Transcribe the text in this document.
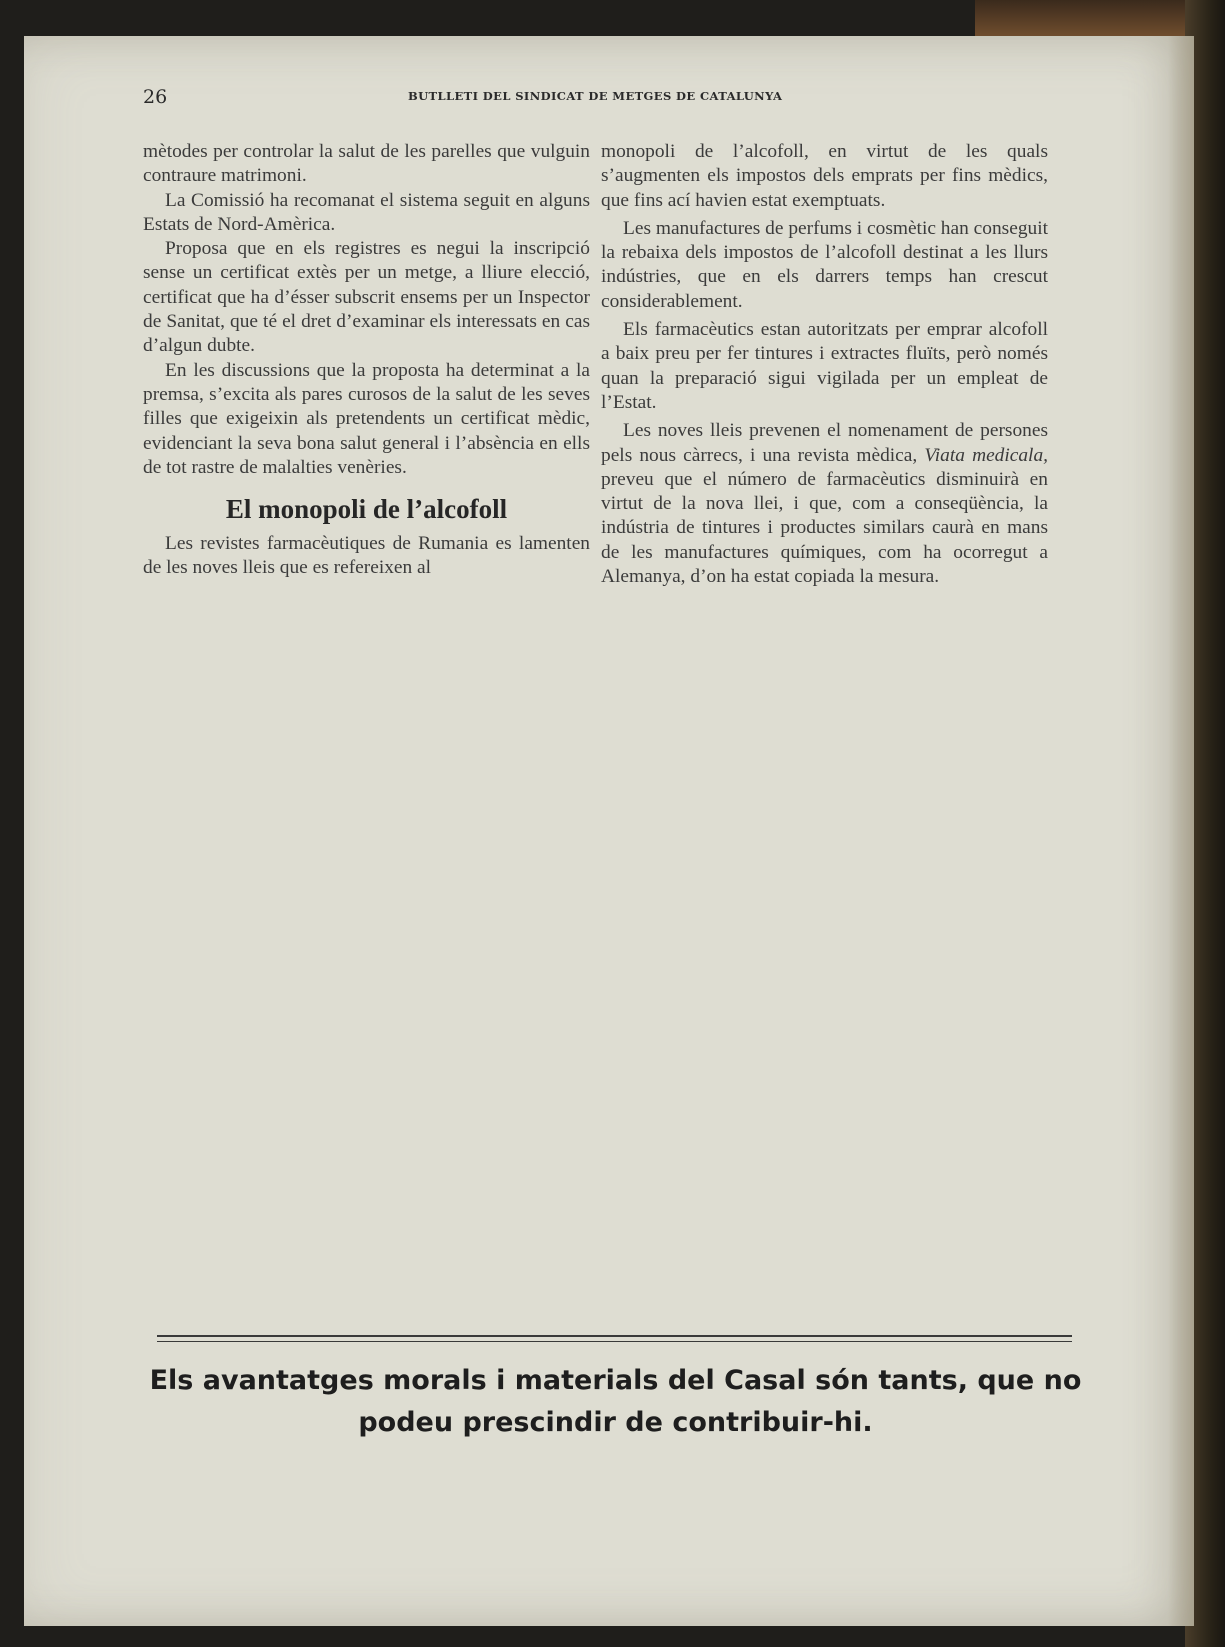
26	BUTLLETI DEL SINDICAT DE METGES DE CATALUNYA

mètodes per controlar la salut de les parelles que vulguin contraure matrimoni.

La Comissió ha recomanat el sistema seguit en alguns Estats de Nord-Amèrica.

Proposa que en els registres es negui la inscripció sense un certificat extès per un metge, a lliure elecció, certificat que ha d’ésser subscrit ensems per un Inspector de Sanitat, que té el dret d’examinar els interessats en cas d’algun dubte.

En les discussions que la proposta ha determinat a la premsa, s’excita als pares curosos de la salut de les seves filles que exigeixin als pretendents un certificat mèdic, evidenciant la seva bona salut general i l’absència en ells de tot rastre de malalties venèries.

El monopoli de l’alcofoll

Les revistes farmacèutiques de Rumania es lamenten de les noves lleis que es refereixen al

monopoli de l’alcofoll, en virtut de les quals s’augmenten els impostos dels emprats per fins mèdics, que fins ací havien estat exemptuats.

Les manufactures de perfums i cosmètic han conseguit la rebaixa dels impostos de l’alcofoll destinat a les llurs indústries, que en els darrers temps han crescut considerablement.

Els farmacèutics estan autoritzats per emprar alcofoll a baix preu per fer tintures i extractes fluïts, però només quan la preparació sigui vigilada per un empleat de l’Estat.

Les noves lleis prevenen el nomenament de persones pels nous càrrecs, i una revista mèdica, Viata medicala, preveu que el número de farmacèutics disminuirà en virtut de la nova llei, i que, com a conseqüència, la indústria de tintures i productes similars caurà en mans de les manufactures químiques, com ha ocorregut a Alemanya, d’on ha estat copiada la mesura.

Els avantatges morals i materials del Casal són tants, que no
podeu prescindir de contribuir-hi.
